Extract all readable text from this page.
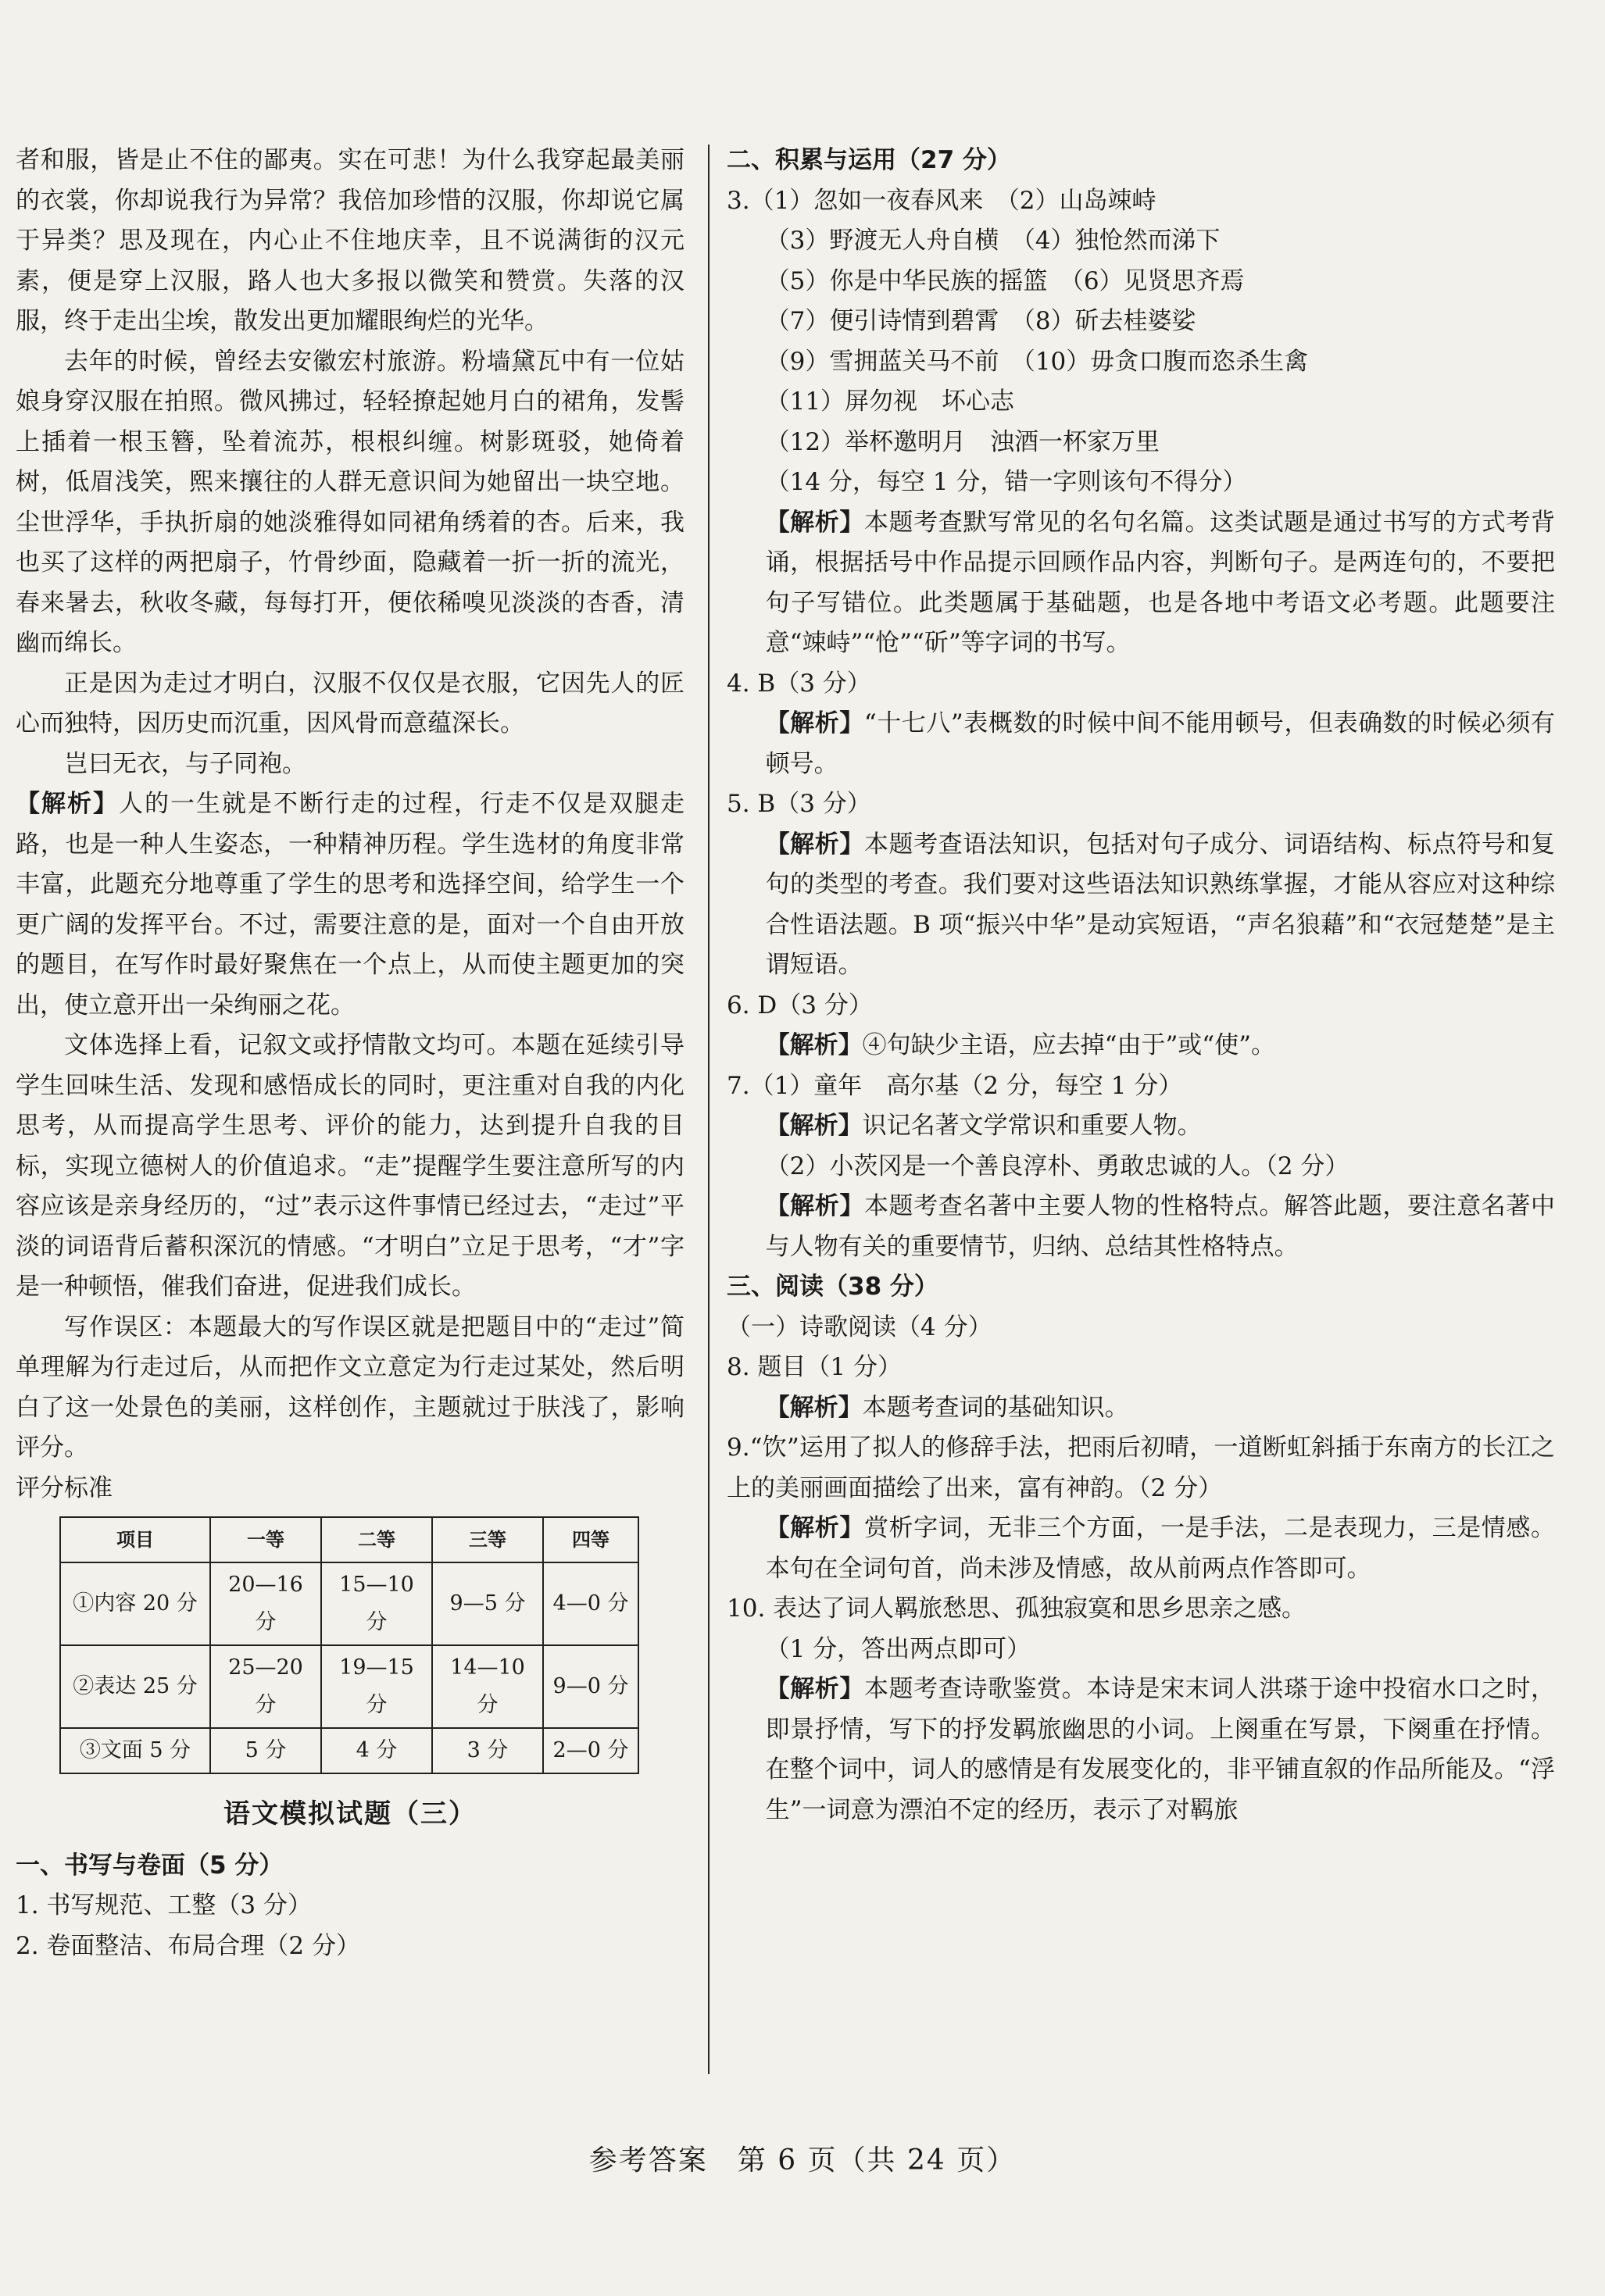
者和服，皆是止不住的鄙夷。实在可悲！为什么我穿起最美丽的衣裳，你却说我行为异常？我倍加珍惜的汉服，你却说它属于异类？思及现在，内心止不住地庆幸，且不说满街的汉元素，便是穿上汉服，路人也大多报以微笑和赞赏。失落的汉服，终于走出尘埃，散发出更加耀眼绚烂的光华。

去年的时候，曾经去安徽宏村旅游。粉墙黛瓦中有一位姑娘身穿汉服在拍照。微风拂过，轻轻撩起她月白的裙角，发髻上插着一根玉簪，坠着流苏，根根纠缠。树影斑驳，她倚着树，低眉浅笑，熙来攘往的人群无意识间为她留出一块空地。尘世浮华，手执折扇的她淡雅得如同裙角绣着的杏。后来，我也买了这样的两把扇子，竹骨纱面，隐藏着一折一折的流光，春来暑去，秋收冬藏，每每打开，便依稀嗅见淡淡的杏香，清幽而绵长。

正是因为走过才明白，汉服不仅仅是衣服，它因先人的匠心而独特，因历史而沉重，因风骨而意蕴深长。

岂曰无衣，与子同袍。

【解析】人的一生就是不断行走的过程，行走不仅是双腿走路，也是一种人生姿态，一种精神历程。学生选材的角度非常丰富，此题充分地尊重了学生的思考和选择空间，给学生一个更广阔的发挥平台。不过，需要注意的是，面对一个自由开放的题目，在写作时最好聚焦在一个点上，从而使主题更加的突出，使立意开出一朵绚丽之花。

文体选择上看，记叙文或抒情散文均可。本题在延续引导学生回味生活、发现和感悟成长的同时，更注重对自我的内化思考，从而提高学生思考、评价的能力，达到提升自我的目标，实现立德树人的价值追求。“走”提醒学生要注意所写的内容应该是亲身经历的，“过”表示这件事情已经过去，“走过”平淡的词语背后蓄积深沉的情感。“才明白”立足于思考，“才”字是一种顿悟，催我们奋进，促进我们成长。

写作误区：本题最大的写作误区就是把题目中的“走过”简单理解为行走过后，从而把作文立意定为行走过某处，然后明白了这一处景色的美丽，这样创作，主题就过于肤浅了，影响评分。

评分标准

项目	一等	二等	三等	四等
①内容 20 分	20—16 分	15—10 分	9—5 分	4—0 分
②表达 25 分	25—20 分	19—15 分	14—10 分	9—0 分
③文面 5 分	5 分	4 分	3 分	2—0 分
语文模拟试题（三）

一、书写与卷面（5 分）

1. 书写规范、工整（3 分）

2. 卷面整洁、布局合理（2 分）

二、积累与运用（27 分）

3.（1）忽如一夜春风来　（2）山岛竦峙

（3）野渡无人舟自横　（4）独怆然而涕下

（5）你是中华民族的摇篮　（6）见贤思齐焉

（7）便引诗情到碧霄　（8）斫去桂婆娑

（9）雪拥蓝关马不前　（10）毋贪口腹而恣杀生禽

（11）屏勿视　坏心志

（12）举杯邀明月　浊酒一杯家万里

（14 分，每空 1 分，错一字则该句不得分）

【解析】本题考查默写常见的名句名篇。这类试题是通过书写的方式考背诵，根据括号中作品提示回顾作品内容，判断句子。是两连句的，不要把句子写错位。此类题属于基础题，也是各地中考语文必考题。此题要注意“竦峙”“怆”“斫”等字词的书写。

4. B（3 分）

【解析】“十七八”表概数的时候中间不能用顿号，但表确数的时候必须有顿号。

5. B（3 分）

【解析】本题考查语法知识，包括对句子成分、词语结构、标点符号和复句的类型的考查。我们要对这些语法知识熟练掌握，才能从容应对这种综合性语法题。B 项“振兴中华”是动宾短语，“声名狼藉”和“衣冠楚楚”是主谓短语。

6. D（3 分）

【解析】④句缺少主语，应去掉“由于”或“使”。

7.（1）童年　高尔基（2 分，每空 1 分）

【解析】识记名著文学常识和重要人物。

（2）小茨冈是一个善良淳朴、勇敢忠诚的人。（2 分）

【解析】本题考查名著中主要人物的性格特点。解答此题，要注意名著中与人物有关的重要情节，归纳、总结其性格特点。

三、阅读（38 分）

（一）诗歌阅读（4 分）

8. 题目（1 分）

【解析】本题考查词的基础知识。

9.“饮”运用了拟人的修辞手法，把雨后初晴，一道断虹斜插于东南方的长江之上的美丽画面描绘了出来，富有神韵。（2 分）

【解析】赏析字词，无非三个方面，一是手法，二是表现力，三是情感。本句在全词句首，尚未涉及情感，故从前两点作答即可。

10. 表达了词人羁旅愁思、孤独寂寞和思乡思亲之感。

（1 分，答出两点即可）

【解析】本题考查诗歌鉴赏。本诗是宋末词人洪瑹于途中投宿水口之时，即景抒情，写下的抒发羁旅幽思的小词。上阕重在写景，下阕重在抒情。在整个词中，词人的感情是有发展变化的，非平铺直叙的作品所能及。“浮生”一词意为漂泊不定的经历，表示了对羁旅

参考答案　第 6 页（共 24 页）
